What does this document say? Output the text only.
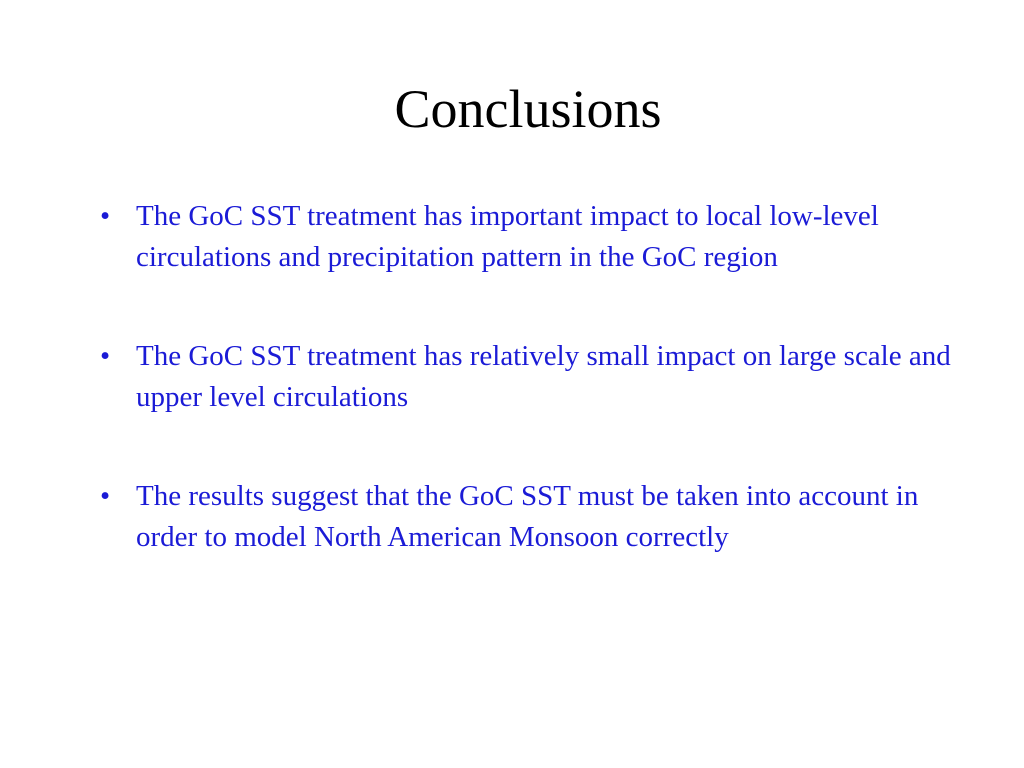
Conclusions
• The GoC SST treatment has important impact to local low-level circulations and precipitation pattern in the GoC region
• The GoC SST treatment has relatively small impact on large scale and upper level circulations
• The results suggest that the GoC SST must be taken into account in order to model North American Monsoon correctly
